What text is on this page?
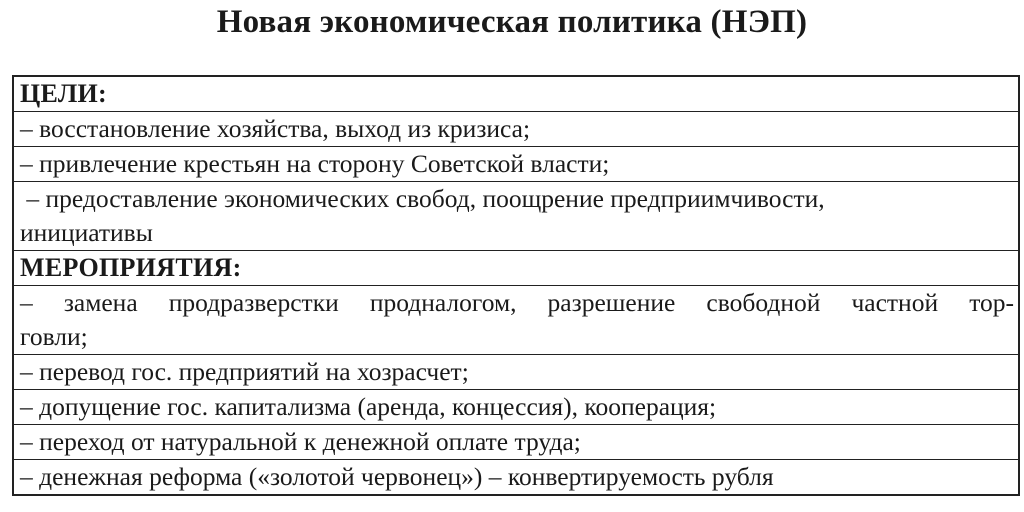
Новая экономическая политика (НЭП)
ЦЕЛИ:
– восстановление хозяйства, выход из кризиса;
– привлечение крестьян на сторону Советской власти;
– предоставление экономических свобод, поощрение предприимчивости,
инициативы
МЕРОПРИЯТИЯ:
– замена продразверстки продналогом, разрешение свободной частной тор-
говли;
– перевод гос. предприятий на хозрасчет;
– допущение гос. капитализма (аренда, концессия), кооперация;
– переход от натуральной к денежной оплате труда;
– денежная реформа («золотой червонец») – конвертируемость рубля
